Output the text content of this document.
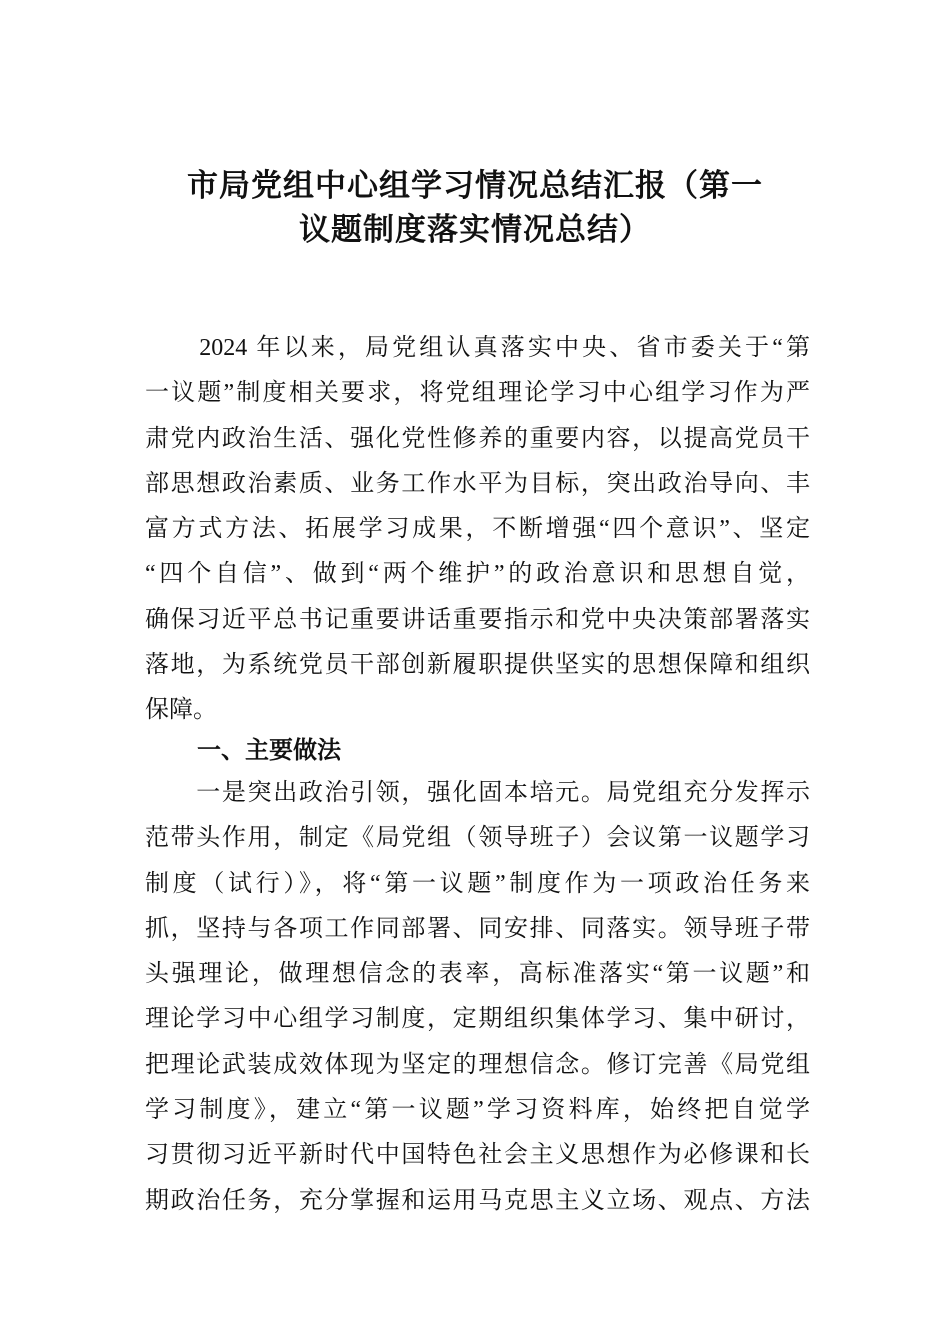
市局党组中心组学习情况总结汇报（第一
议题制度落实情况总结）
　　2024 年以来，局党组认真落实中央、省市委关于“第
一议题”制度相关要求，将党组理论学习中心组学习作为严
肃党内政治生活、强化党性修养的重要内容，以提高党员干
部思想政治素质、业务工作水平为目标，突出政治导向、丰
富方式方法、拓展学习成果，不断增强“四个意识”、坚定
“四个自信”、做到“两个维护”的政治意识和思想自觉，
确保习近平总书记重要讲话重要指示和党中央决策部署落实
落地，为系统党员干部创新履职提供坚实的思想保障和组织
保障。
一、主要做法
　　一是突出政治引领，强化固本培元。局党组充分发挥示
范带头作用，制定《局党组（领导班子）会议第一议题学习
制度（试行）》，将“第一议题”制度作为一项政治任务来
抓，坚持与各项工作同部署、同安排、同落实。领导班子带
头强理论，做理想信念的表率，高标准落实“第一议题”和
理论学习中心组学习制度，定期组织集体学习、集中研讨，
把理论武装成效体现为坚定的理想信念。修订完善《局党组
学习制度》，建立“第一议题”学习资料库，始终把自觉学
习贯彻习近平新时代中国特色社会主义思想作为必修课和长
期政治任务，充分掌握和运用马克思主义立场、观点、方法
